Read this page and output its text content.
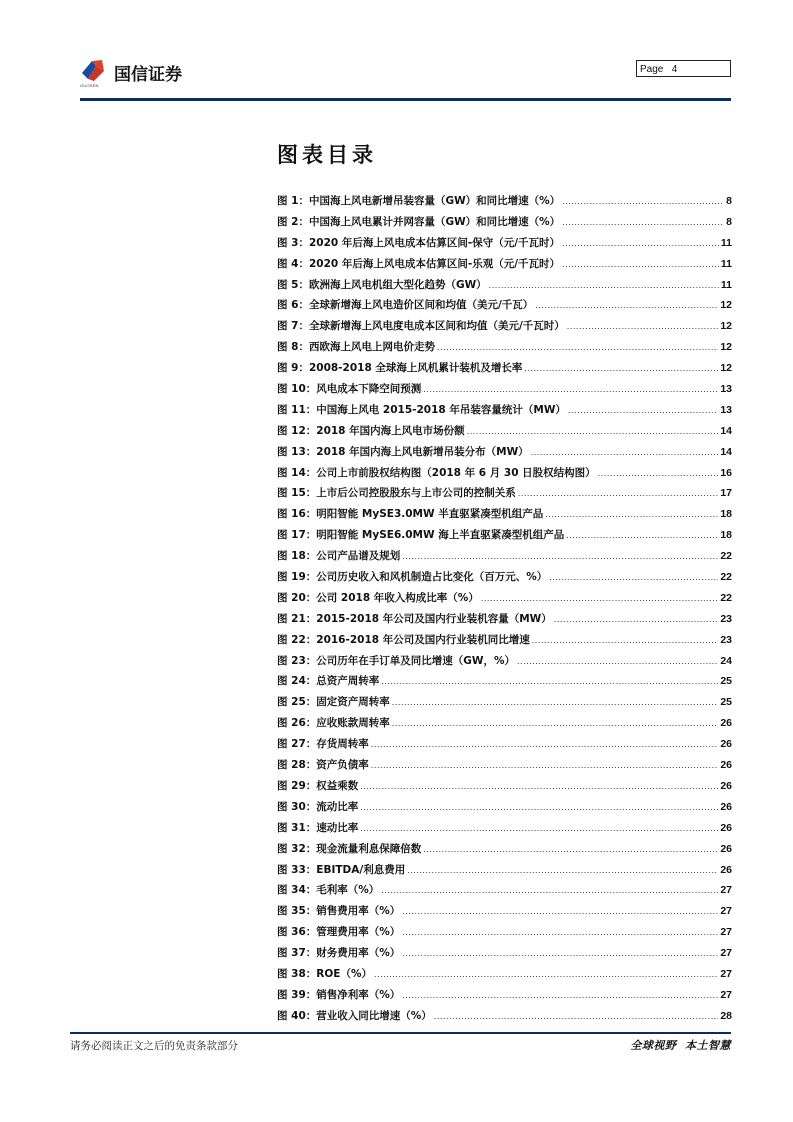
国信证券
GUOSEN
Page   4
图表目录
图 1：中国海上风电新增吊装容量（GW）和同比增速（%） .....	8
图 2：中国海上风电累计并网容量（GW）和同比增速（%） .....	8
图 3：2020 年后海上风电成本估算区间-保守（元/千瓦时） .....	11
图 4：2020 年后海上风电成本估算区间-乐观（元/千瓦时） .....	11
图 5：欧洲海上风电机组大型化趋势（GW） .....	11
图 6：全球新增海上风电造价区间和均值（美元/千瓦） .....	12
图 7：全球新增海上风电度电成本区间和均值（美元/千瓦时） .....	12
图 8：西欧海上风电上网电价走势 .....	12
图 9：2008-2018 全球海上风机累计装机及增长率 .....	12
图 10：风电成本下降空间预测 .....	13
图 11：中国海上风电 2015-2018 年吊装容量统计（MW） .....	13
图 12：2018 年国内海上风电市场份额 .....	14
图 13：2018 年国内海上风电新增吊装分布（MW） .....	14
图 14：公司上市前股权结构图（2018 年 6 月 30 日股权结构图） .....	16
图 15：上市后公司控股股东与上市公司的控制关系 .....	17
图 16：明阳智能 MySE3.0MW 半直驱紧凑型机组产品 .....	18
图 17：明阳智能 MySE6.0MW 海上半直驱紧凑型机组产品 .....	18
图 18：公司产品谱及规划 .....	22
图 19：公司历史收入和风机制造占比变化（百万元、%） .....	22
图 20：公司 2018 年收入构成比率（%） .....	22
图 21：2015-2018 年公司及国内行业装机容量（MW） .....	23
图 22：2016-2018 年公司及国内行业装机同比增速 .....	23
图 23：公司历年在手订单及同比增速（GW，%） .....	24
图 24：总资产周转率 .....	25
图 25：固定资产周转率 .....	25
图 26：应收账款周转率 .....	26
图 27：存货周转率 .....	26
图 28：资产负债率 .....	26
图 29：权益乘数 .....	26
图 30：流动比率 .....	26
图 31：速动比率 .....	26
图 32：现金流量利息保障倍数 .....	26
图 33：EBITDA/利息费用 .....	26
图 34：毛利率（%） .....	27
图 35：销售费用率（%） .....	27
图 36：管理费用率（%） .....	27
图 37：财务费用率（%） .....	27
图 38：ROE（%） .....	27
图 39：销售净利率（%） .....	27
图 40：营业收入同比增速（%） .....	28
请务必阅读正文之后的免责条款部分	全球视野  本土智慧
